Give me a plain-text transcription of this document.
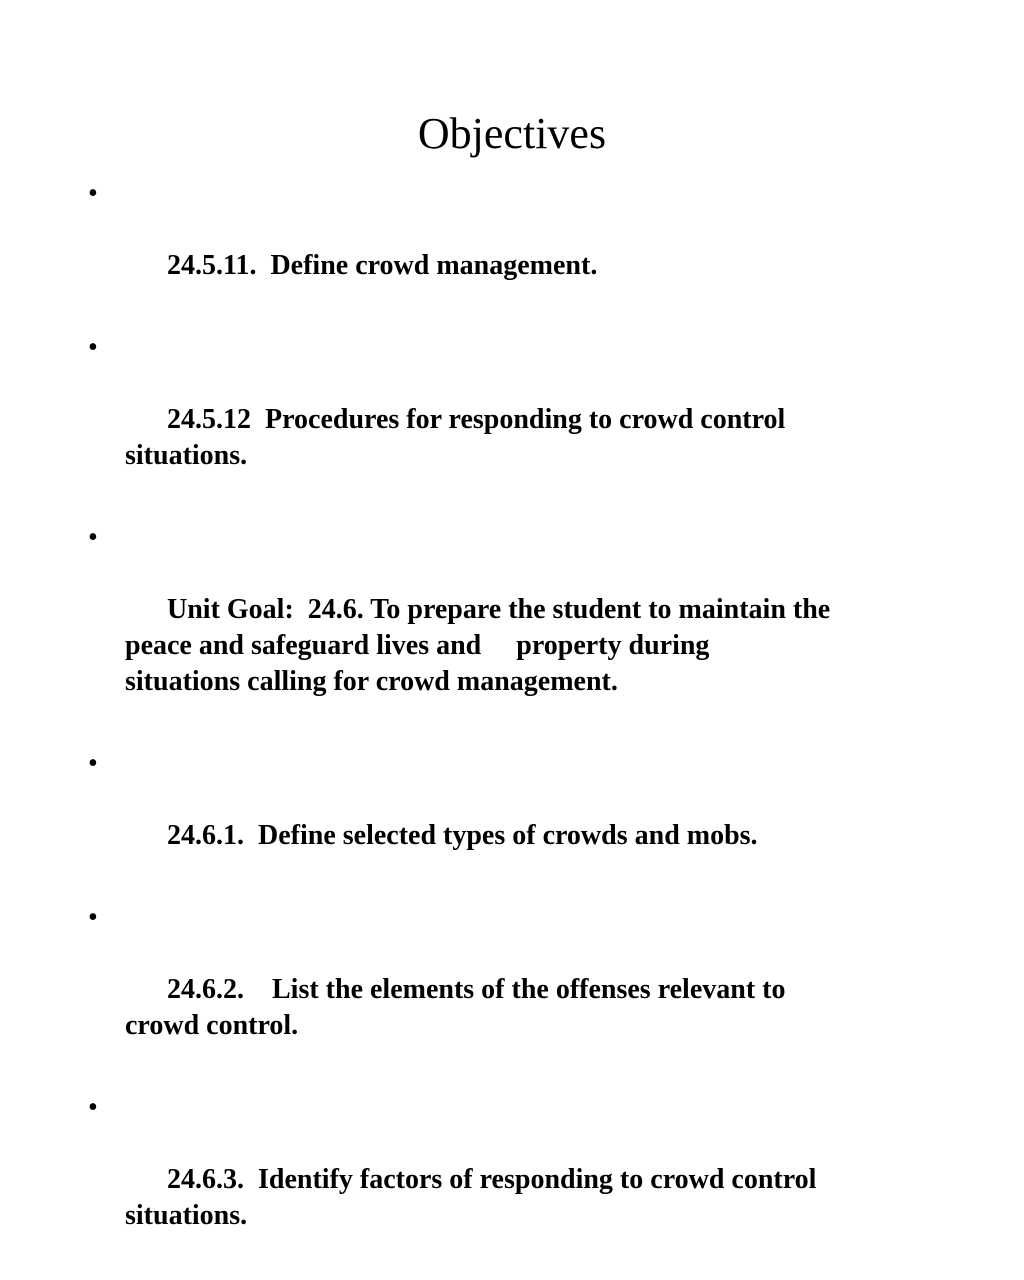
Objectives

•

24.5.11.  Define crowd management.

•

24.5.12  Procedures for responding to crowd control
situations.

•

Unit Goal:  24.6. To prepare the student to maintain the
peace and safeguard lives and     property during
situations calling for crowd management.

•

24.6.1.  Define selected types of crowds and mobs.

•

24.6.2.    List the elements of the offenses relevant to
crowd control.

•

24.6.3.  Identify factors of responding to crowd control
situations.
